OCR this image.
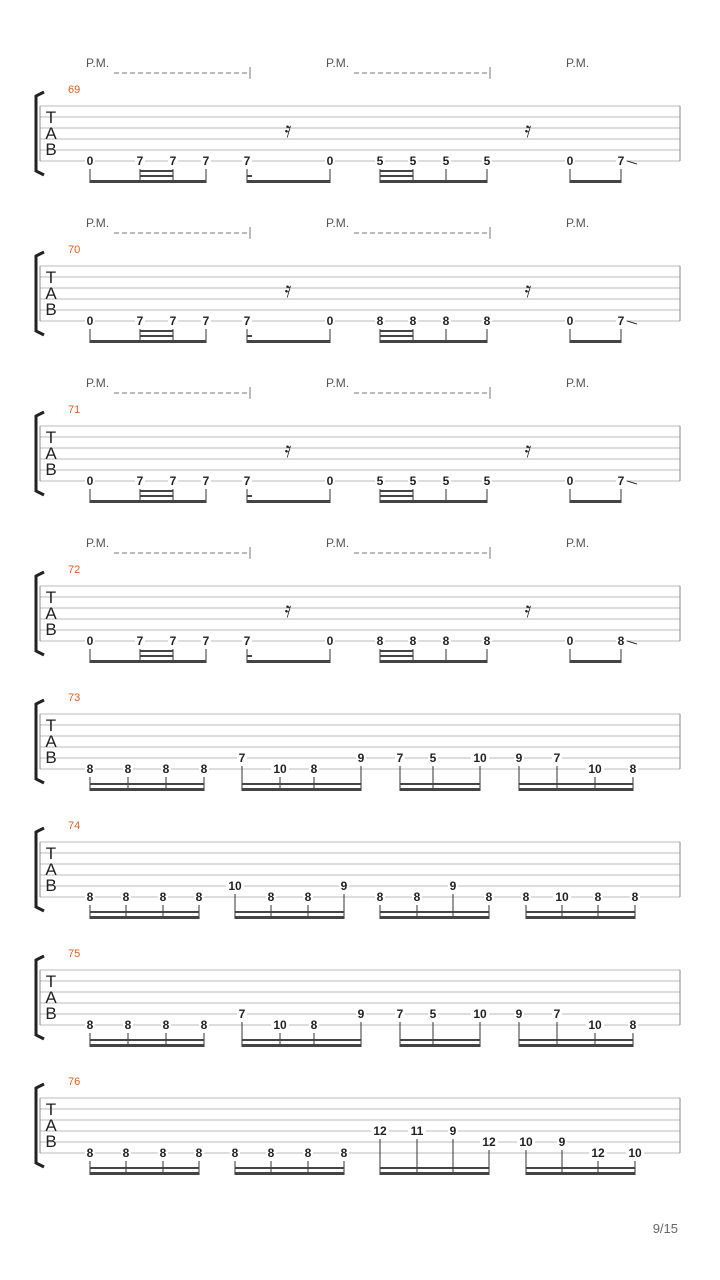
P.M.	P.M.	P.M.
69
T
A
B
𝄿	𝄿
0	7 7 7	7	0	5 5 5	5	0	7
P.M.	P.M.	P.M.
70
T
A
B
𝄿	𝄿
0	7 7 7	7	0	8 8 8	8	0	7
P.M.	P.M.	P.M.
71
T
A
B
𝄿	𝄿
0	7 7 7	7	0	5 5 5	5	0	7
P.M.	P.M.	P.M.
72
T
A
B
𝄿	𝄿
0	7 7 7	7	0	8 8 8	8	0	8
73
T
A
B
8	8	8	8
7
10 8
9	7 5	10 9	7
10 8
74
T
A
B
8 8	8 8
10
8	8
9
8	8
9
8	8 10 8	8
75
T
A
B
8	8	8	8
7
10 8
9	7 5	10 9	7
10 8
76
T
A
B
8 8	8 8 8 8	8 8
12 11 9
12 10 9
12 10
9/15
